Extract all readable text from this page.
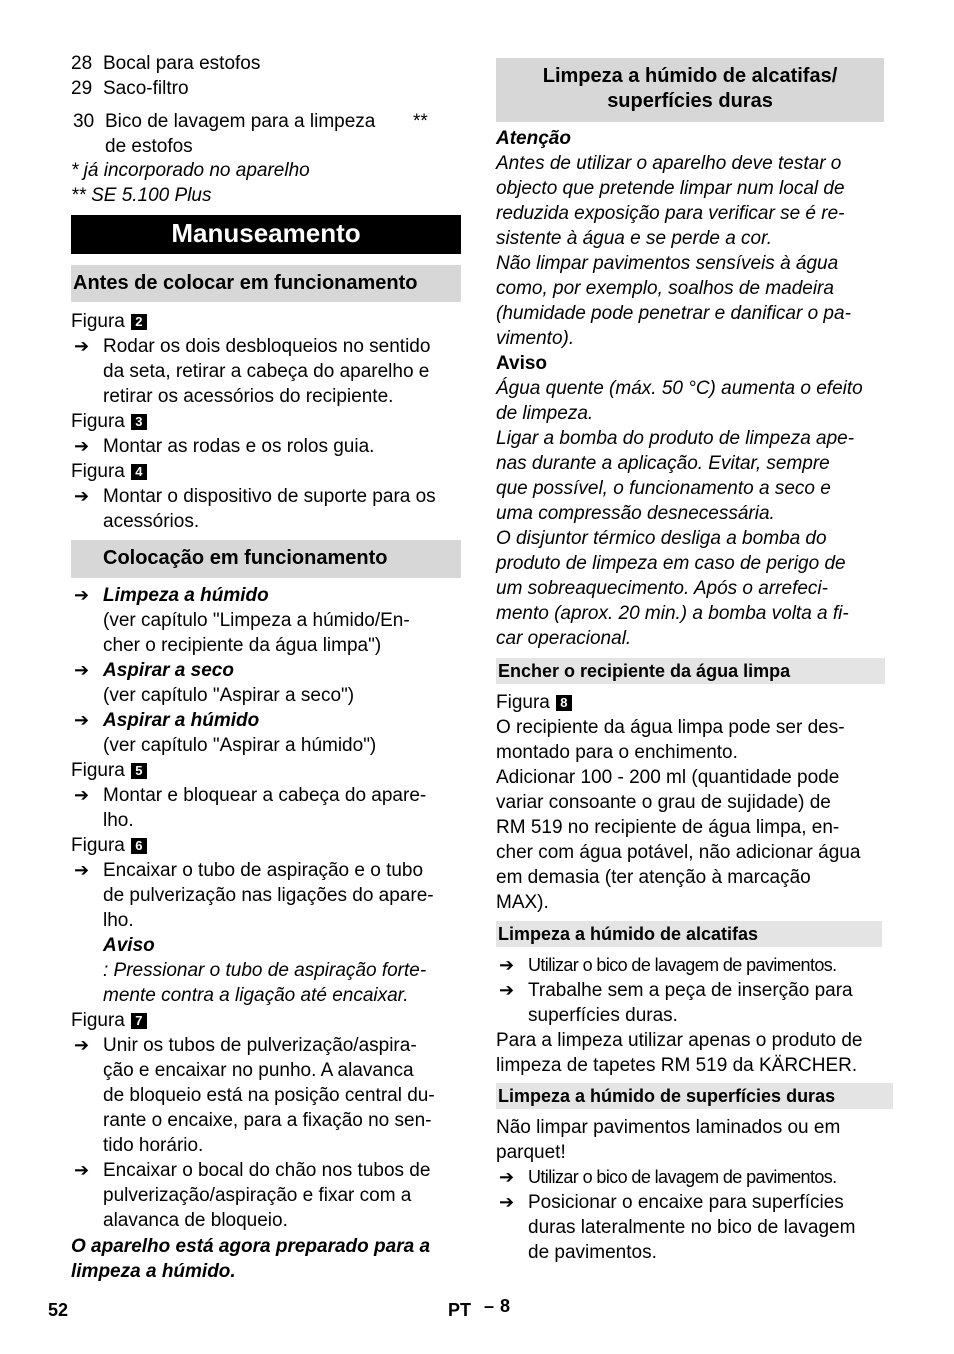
28 Bocal para estofos
29 Saco-filtro
30 Bico de lavagem para a limpeza **
de estofos
* já incorporado no aparelho
** SE 5.100 Plus
Manuseamento
Antes de colocar em funcionamento
Figura 2
➔ Rodar os dois desbloqueios no sentido
da seta, retirar a cabeça do aparelho e
retirar os acessórios do recipiente.
Figura 3
➔ Montar as rodas e os rolos guia.
Figura 4
➔ Montar o dispositivo de suporte para os
acessórios.
Colocação em funcionamento
➔ Limpeza a húmido
(ver capítulo "Limpeza a húmido/En-
cher o recipiente da água limpa")
➔ Aspirar a seco
(ver capítulo "Aspirar a seco")
➔ Aspirar a húmido
(ver capítulo "Aspirar a húmido")
Figura 5
➔ Montar e bloquear a cabeça do apare-
lho.
Figura 6
➔ Encaixar o tubo de aspiração e o tubo
de pulverização nas ligações do apare-
lho.
Aviso
: Pressionar o tubo de aspiração forte-
mente contra a ligação até encaixar.
Figura 7
➔ Unir os tubos de pulverização/aspira-
ção e encaixar no punho. A alavanca
de bloqueio está na posição central du-
rante o encaixe, para a fixação no sen-
tido horário.
➔ Encaixar o bocal do chão nos tubos de
pulverização/aspiração e fixar com a
alavanca de bloqueio.
O aparelho está agora preparado para a
limpeza a húmido.
Limpeza a húmido de alcatifas/
superfícies duras
Atenção
Antes de utilizar o aparelho deve testar o
objecto que pretende limpar num local de
reduzida exposição para verificar se é re-
sistente à água e se perde a cor.
Não limpar pavimentos sensíveis à água
como, por exemplo, soalhos de madeira
(humidade pode penetrar e danificar o pa-
vimento).
Aviso
Água quente (máx. 50 °C) aumenta o efeito
de limpeza.
Ligar a bomba do produto de limpeza ape-
nas durante a aplicação. Evitar, sempre
que possível, o funcionamento a seco e
uma compressão desnecessária.
O disjuntor térmico desliga a bomba do
produto de limpeza em caso de perigo de
um sobreaquecimento. Após o arrefeci-
mento (aprox. 20 min.) a bomba volta a fi-
car operacional.
Encher o recipiente da água limpa
Figura 8
O recipiente da água limpa pode ser des-
montado para o enchimento.
Adicionar 100 - 200 ml (quantidade pode
variar consoante o grau de sujidade) de
RM 519 no recipiente de água limpa, en-
cher com água potável, não adicionar água
em demasia (ter atenção à marcação
MAX).
Limpeza a húmido de alcatifas
➔ Utilizar o bico de lavagem de pavimentos.
➔ Trabalhe sem a peça de inserção para
superfícies duras.
Para a limpeza utilizar apenas o produto de
limpeza de tapetes RM 519 da KÄRCHER.
Limpeza a húmido de superfícies duras
Não limpar pavimentos laminados ou em
parquet!
➔ Utilizar o bico de lavagem de pavimentos.
➔ Posicionar o encaixe para superfícies
duras lateralmente no bico de lavagem
de pavimentos.
52	PT – 8
